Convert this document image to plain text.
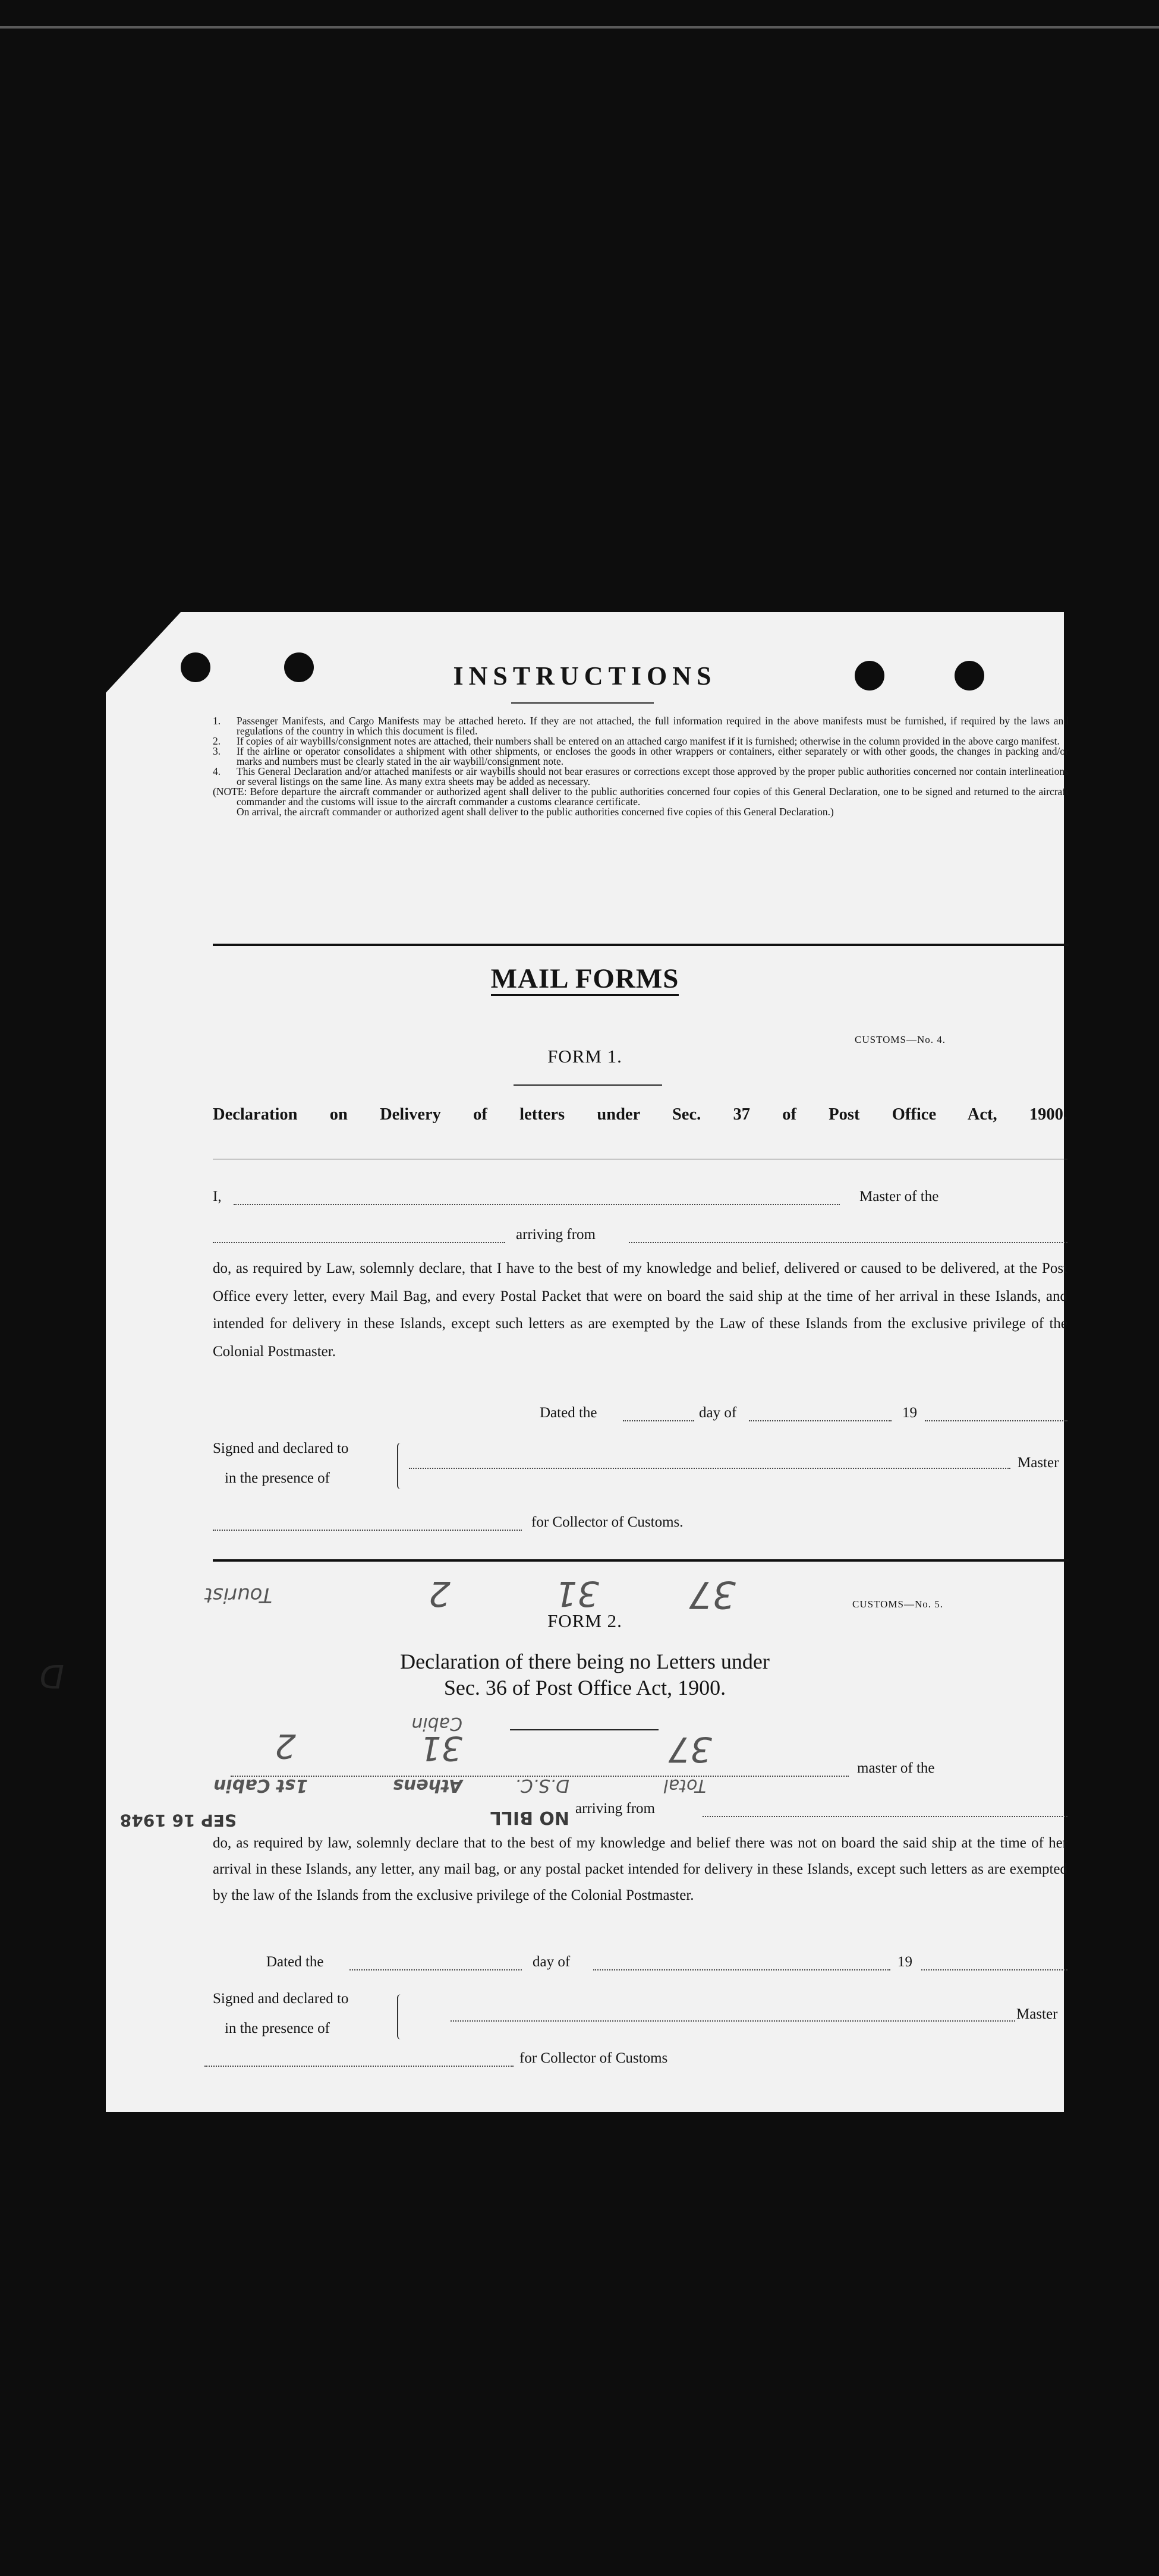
INSTRUCTIONS
1. Passenger Manifests, and Cargo Manifests may be attached hereto. If they are not attached, the full information required in the above manifests must be furnished, if required by the laws and regulations of the country in which this document is filed.
2. If copies of air waybills/consignment notes are attached, their numbers shall be entered on an attached cargo manifest if it is furnished; otherwise in the column provided in the above cargo manifest.
3. If the airline or operator consolidates a shipment with other shipments, or encloses the goods in other wrappers or containers, either separately or with other goods, the changes in packing and/or marks and numbers must be clearly stated in the air waybill/consignment note.
4. This General Declaration and/or attached manifests or air waybills should not bear erasures or corrections except those approved by the proper public authorities concerned nor contain interlineations or several listings on the same line. As many extra sheets may be added as necessary.
(NOTE: Before departure the aircraft commander or authorized agent shall deliver to the public authorities concerned four copies of this General Declaration, one to be signed and returned to the aircraft commander and the customs will issue to the aircraft commander a customs clearance certificate.
On arrival, the aircraft commander or authorized agent shall deliver to the public authorities concerned five copies of this General Declaration.)
MAIL FORMS
CUSTOMS—No. 4.
FORM 1.
Declaration on Delivery of letters under Sec. 37 of Post Office Act, 1900.
I,	Master of the
arriving from
do, as required by Law, solemnly declare, that I have to the best of my knowledge and belief, delivered or caused to be delivered, at the Post Office every letter, every Mail Bag, and every Postal Packet that were on board the said ship at the time of her arrival in these Islands, and intended for delivery in these Islands, except such letters as are exempted by the Law of these Islands from the exclusive privilege of the Colonial Postmaster.
Dated the	day of	19
Signed and declared to
in the presence of
Master
for Collector of Customs.
CUSTOMS—No. 5.
FORM 2.
Declaration of there being no Letters under
Sec. 36 of Post Office Act, 1900.
master of the
arriving from
do, as required by law, solemnly declare that to the best of my knowledge and belief there was not on board the said ship at the time of her arrival in these Islands, any letter, any mail bag, or any postal packet intended for delivery in these Islands, except such letters as are exempted by the law of the Islands from the exclusive privilege of the Colonial Postmaster.
Dated the	day of	19
Signed and declared to
in the presence of
Master
for Collector of Customs
Tourist	2	31 37
D
Cabin
2	31	37
1st Cabin	Athens	D.S.C.	Total
SEP 16 1948	NO BILL
